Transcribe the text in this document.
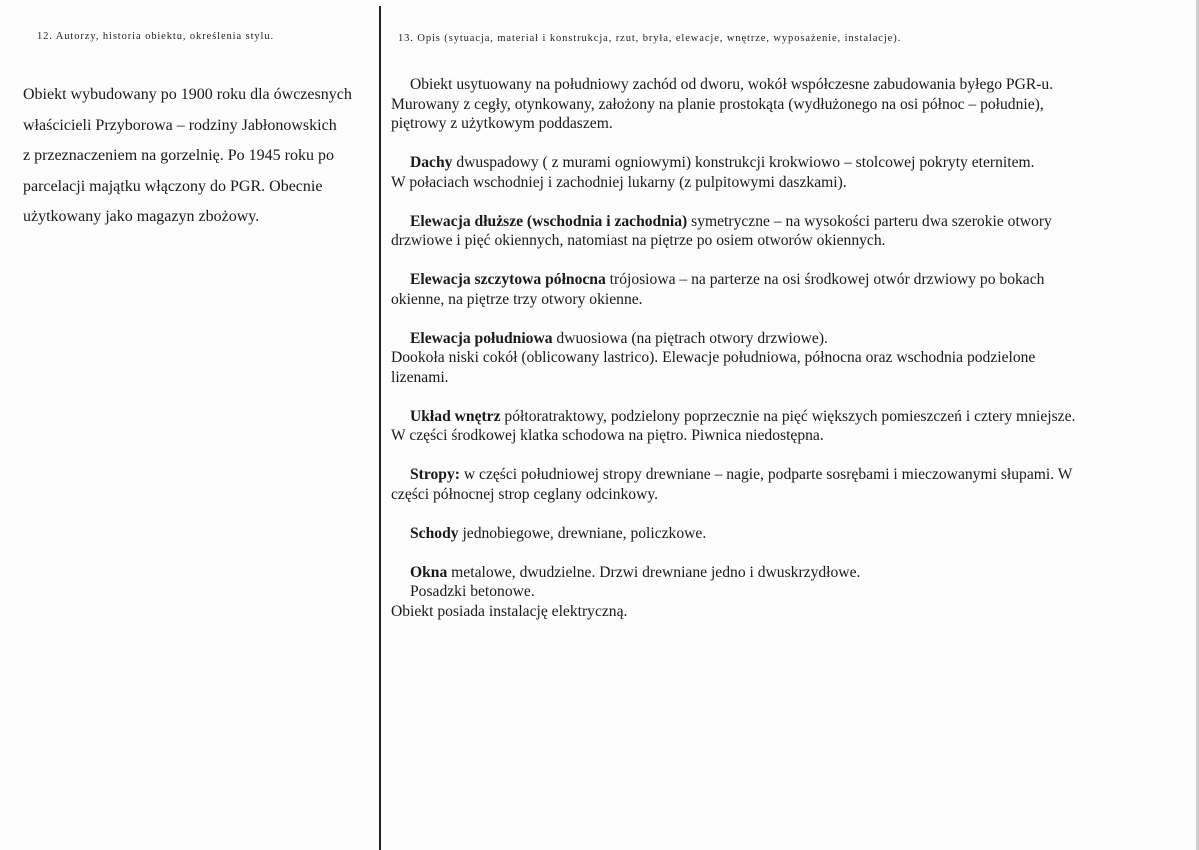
12. Autorzy, historia obiektu, określenia stylu.
Obiekt wybudowany po 1900 roku dla ówczesnych
właścicieli Przyborowa – rodziny Jabłonowskich
z przeznaczeniem na gorzelnię. Po 1945 roku po
parcelacji majątku włączony do PGR. Obecnie
użytkowany jako magazyn zbożowy.
13. Opis (sytuacja, materiał i konstrukcja, rzut, bryła, elewacje, wnętrze, wyposażenie, instalacje).
Obiekt usytuowany na południowy zachód od dworu, wokół współczesne zabudowania byłego PGR-u.
Murowany z cegły, otynkowany, założony na planie prostokąta (wydłużonego na osi północ – południe),
piętrowy z użytkowym poddaszem.
Dachy dwuspadowy ( z murami ogniowymi) konstrukcji krokwiowo – stolcowej pokryty eternitem.
W połaciach wschodniej i zachodniej lukarny (z pulpitowymi daszkami).
Elewacja dłuższe (wschodnia i zachodnia) symetryczne – na wysokości parteru dwa szerokie otwory
drzwiowe i pięć okiennych, natomiast na piętrze po osiem otworów okiennych.
Elewacja szczytowa północna trójosiowa – na parterze na osi środkowej otwór drzwiowy po bokach
okienne, na piętrze trzy otwory okienne.
Elewacja południowa dwuosiowa (na piętrach otwory drzwiowe).
Dookoła niski cokół (oblicowany lastrico). Elewacje południowa, północna oraz wschodnia podzielone
lizenami.
Układ wnętrz półtoratraktowy, podzielony poprzecznie na pięć większych pomieszczeń i cztery mniejsze.
W części środkowej klatka schodowa na piętro. Piwnica niedostępna.
Stropy: w części południowej stropy drewniane – nagie, podparte sosrębami i mieczowanymi słupami. W
części północnej strop ceglany odcinkowy.
Schody jednobiegowe, drewniane, policzkowe.
Okna metalowe, dwudzielne. Drzwi drewniane jedno i dwuskrzydłowe.
Posadzki betonowe.
Obiekt posiada instalację elektryczną.
